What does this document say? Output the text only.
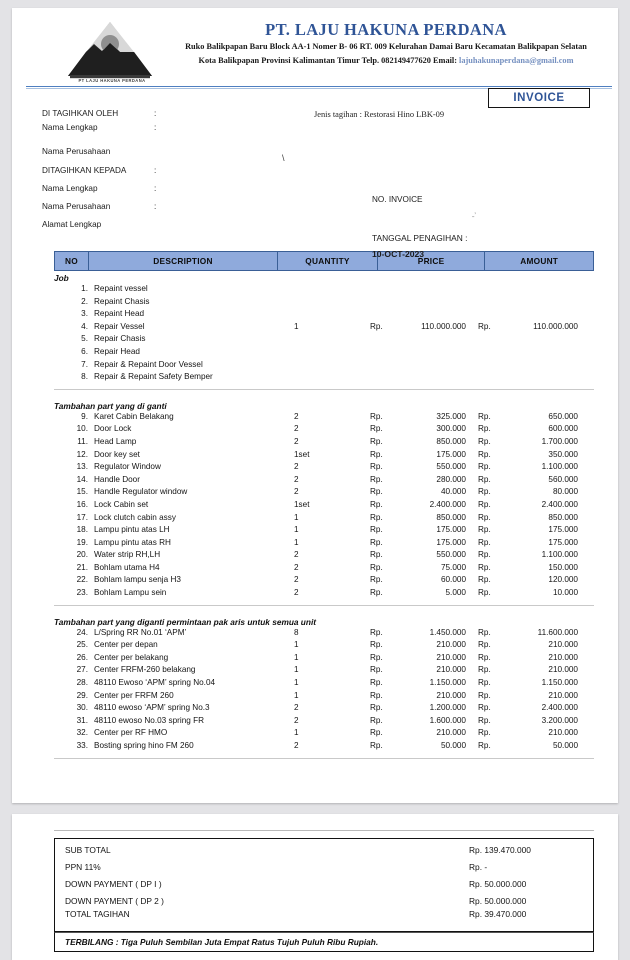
PT LAJU HAKUNA PERDANA
PT. LAJU HAKUNA PERDANA
Ruko Balikpapan Baru Block AA-1 Nomer B- 06 RT. 009 Kelurahan Damai Baru Kecamatan Balikpapan Selatan
Kota Balikpapan Provinsi Kalimantan Timur Telp. 082149477620 Email: lajuhakunaperdana@gmail.com
INVOICE
DI TAGIHKAN OLEH	:
Nama Lengkap	:
Nama Perusahaan
DITAGIHKAN KEPADA	:
Nama Lengkap	:
Nama Perusahaan	:
Alamat Lengkap
Jenis tagihan : Restorasi Hino LBK-09
\
NO. INVOICE
˗ʼ
TANGGAL PENAGIHAN :
10-OCT-2023
NO	DESCRIPTION	QUANTITY	PRICE	AMOUNT
Job
1. Repaint vessel
2. Repaint Chasis
3. Repaint Head
4. Repair Vessel	1	Rp.	110.000.000 Rp.	110.000.000
5. Repair Chasis
6. Repair Head
7. Repair & Repaint Door Vessel
8. Repair & Repaint Safety Bemper
Tambahan part yang di ganti
9. Karet Cabin Belakang	2	Rp.	325.000 Rp.	650.000
10. Door Lock	2	Rp.	300.000 Rp.	600.000
11. Head Lamp	2	Rp.	850.000 Rp.	1.700.000
12. Door key set	1set	Rp.	175.000 Rp.	350.000
13. Regulator Window	2	Rp.	550.000 Rp.	1.100.000
14. Handle Door	2	Rp.	280.000 Rp.	560.000
15. Handle Regulator window	2	Rp.	40.000 Rp.	80.000
16. Lock Cabin set	1set	Rp.	2.400.000 Rp.	2.400.000
17. Lock clutch cabin assy	1	Rp.	850.000 Rp.	850.000
18. Lampu pintu atas LH	1	Rp.	175.000 Rp.	175.000
19. Lampu pintu atas RH	1	Rp.	175.000 Rp.	175.000
20. Water strip RH,LH	2	Rp.	550.000 Rp.	1.100.000
21. Bohlam utama H4	2	Rp.	75.000 Rp.	150.000
22. Bohlam lampu senja H3	2	Rp.	60.000 Rp.	120.000
23. Bohlam Lampu sein	2	Rp.	5.000 Rp.	10.000
Tambahan part yang diganti permintaan pak aris untuk semua unit
24. L/Spring RR No.01 ‘APM’	8	Rp.	1.450.000 Rp.	11.600.000
25. Center per depan	1	Rp.	210.000 Rp.	210.000
26. Center per belakang	1	Rp.	210.000 Rp.	210.000
27. Center FRFM-260 belakang	1	Rp.	210.000 Rp.	210.000
28. 48110 Ewoso ‘APM’ spring No.04	1	Rp.	1.150.000 Rp.	1.150.000
29. Center per FRFM 260	1	Rp.	210.000 Rp.	210.000
30. 48110 ewoso ‘APM’ spring No.3	2	Rp.	1.200.000 Rp.	2.400.000
31. 48110 ewoso No.03 spring FR	2	Rp.	1.600.000 Rp.	3.200.000
32. Center per RF HMO	1	Rp.	210.000 Rp.	210.000
33. Bosting spring hino FM 260	2	Rp.	50.000 Rp.	50.000
SUB TOTAL	Rp. 139.470.000
PPN 11%	Rp. -
DOWN PAYMENT ( DP I )	Rp. 50.000.000
DOWN PAYMENT ( DP 2 )	Rp. 50.000.000
TOTAL TAGIHAN	Rp. 39.470.000
TERBILANG : Tiga Puluh Sembilan Juta Empat Ratus Tujuh Puluh Ribu Rupiah.
